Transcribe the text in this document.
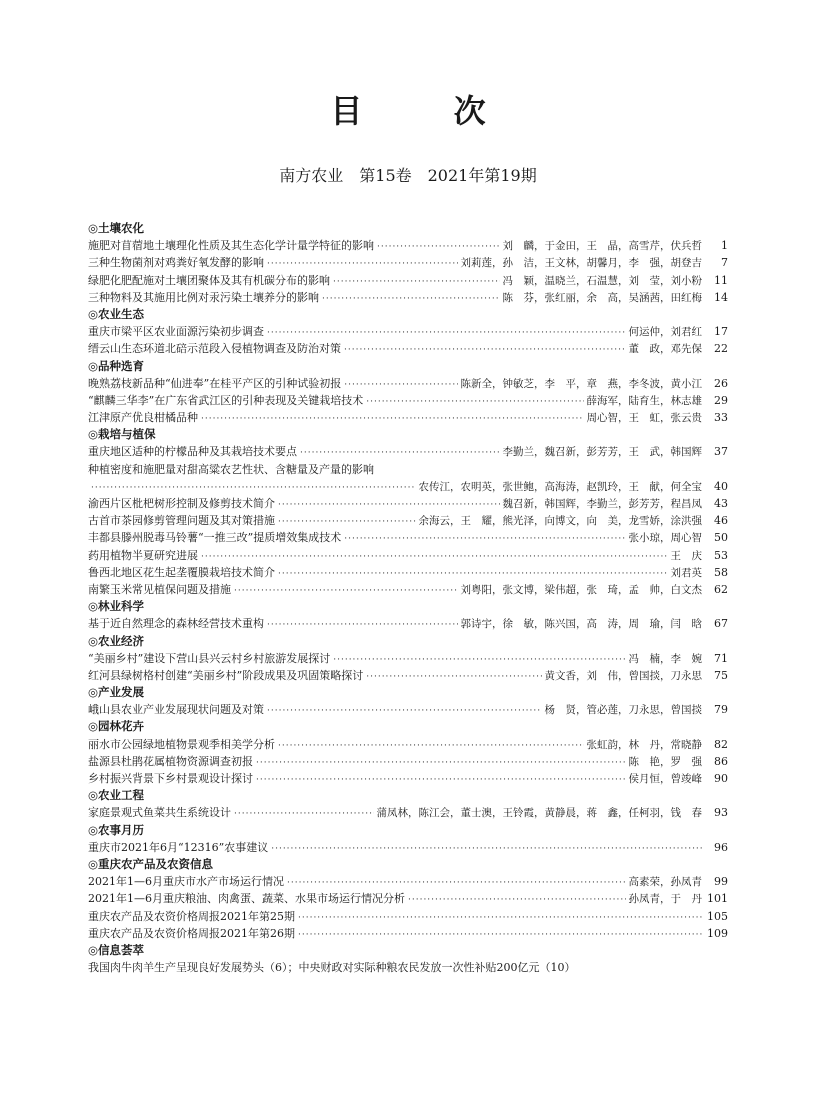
目 次
南方农业　第15卷　2021年第19期
◎土壤农化
施肥对苜蓿地土壤理化性质及其生态化学计量学特征的影响 ·····	刘　麟，于金田，王　晶，高雪芹，伏兵哲	1
三种生物菌剂对鸡粪好氧发酵的影响 ·····	刘莉莲，孙　洁，王文林，胡馨月，李　强，胡登吉	7
绿肥化肥配施对土壤团聚体及其有机碳分布的影响 ·····	冯　颖，温晓兰，石温慧，刘　莹，刘小粉	11
三种物料及其施用比例对汞污染土壤养分的影响 ·····	陈　芬，张红丽，余　高，吴涵茜，田红梅	14
◎农业生态
重庆市梁平区农业面源污染初步调查 ·····	何运仲，刘君红	17
缙云山生态环道北碚示范段入侵植物调查及防治对策 ·····	董　政，邓先保	22
◎品种选育
晚熟荔枝新品种“仙进奉”在桂平产区的引种试验初报 ·····	陈新全，钟敏芝，李　平，章　燕，李冬波，黄小江	26
“麒麟三华李”在广东省武江区的引种表现及关键栽培技术 ·····	薛海军，陆育生，林志雄	29
江津原产优良柑橘品种 ·····	周心智，王　虹，张云贵	33
◎栽培与植保
重庆地区适种的柠檬品种及其栽培技术要点 ·····	李勤兰，魏召新，彭芳芳，王　武，韩国辉	37
种植密度和施肥量对甜高粱农艺性状、含糖量及产量的影响
·····
农传江，农明英，张世鲍，高海涛，赵凯玲，王　献，何全宝	40
渝西片区枇杷树形控制及修剪技术简介 ·····	魏召新，韩国辉，李勤兰，彭芳芳，程昌凤	43
古首市茶园修剪管理问题及其对策措施 ·····	余海云，王　耀，熊光泽，向博文，向　美，龙雪娇，涂洪强	46
丰都县滕州脱毒马铃薯“一推三改”提质增效集成技术 ·····	张小琼，周心智	50
药用植物半夏研究进展 ·····	王　庆	53
鲁西北地区花生起垄覆膜栽培技术简介 ·····	刘君英	58
南繁玉米常见植保问题及措施 ·····	刘粤阳，张文博，梁伟超，张　琦，孟　帅，白文杰	62
◎林业科学
基于近自然理念的森林经营技术重构 ·····	郭诗宇，徐　敏，陈兴国，高　涛，周　瑜，闫　晗	67
◎农业经济
“美丽乡村”建设下营山县兴云村乡村旅游发展探讨 ·····	冯　楠，李　婉	71
红河县绿树格村创建“美丽乡村”阶段成果及巩固策略探讨 ·····	黄文香，刘　伟，曾国掞，刀永思	75
◎产业发展
峨山县农业产业发展现状问题及对策 ·····	杨　贤，管必莲，刀永思，曾国掞	79
◎园林花卉
丽水市公园绿地植物景观季相美学分析 ·····	张虹韵，林　丹，常晓静	82
盐源县杜鹃花属植物资源调查初报 ·····	陈　艳，罗　强	86
乡村振兴背景下乡村景观设计探讨 ·····	侯月恒，曾竣峰	90
◎农业工程
家庭景观式鱼菜共生系统设计 ·····	蒲凤林，陈江会，董士澳，王铃霞，黄静晨，蒋　鑫，任柯羽，钱　春	93
◎农事月历
重庆市2021年6月“12316”农事建议 ·····	96
◎重庆农产品及农资信息
2021年1—6月重庆市水产市场运行情况 ·····	高素荣，孙凤青	99
2021年1—6月重庆粮油、肉禽蛋、蔬菜、水果市场运行情况分析 ·····	孙凤青，于　丹 101
重庆农产品及农资价格周报2021年第25期 ·····	105
重庆农产品及农资价格周报2021年第26期 ·····	109
◎信息荟萃
我国肉牛肉羊生产呈现良好发展势头（6）；中央财政对实际种粮农民发放一次性补贴200亿元（10）
